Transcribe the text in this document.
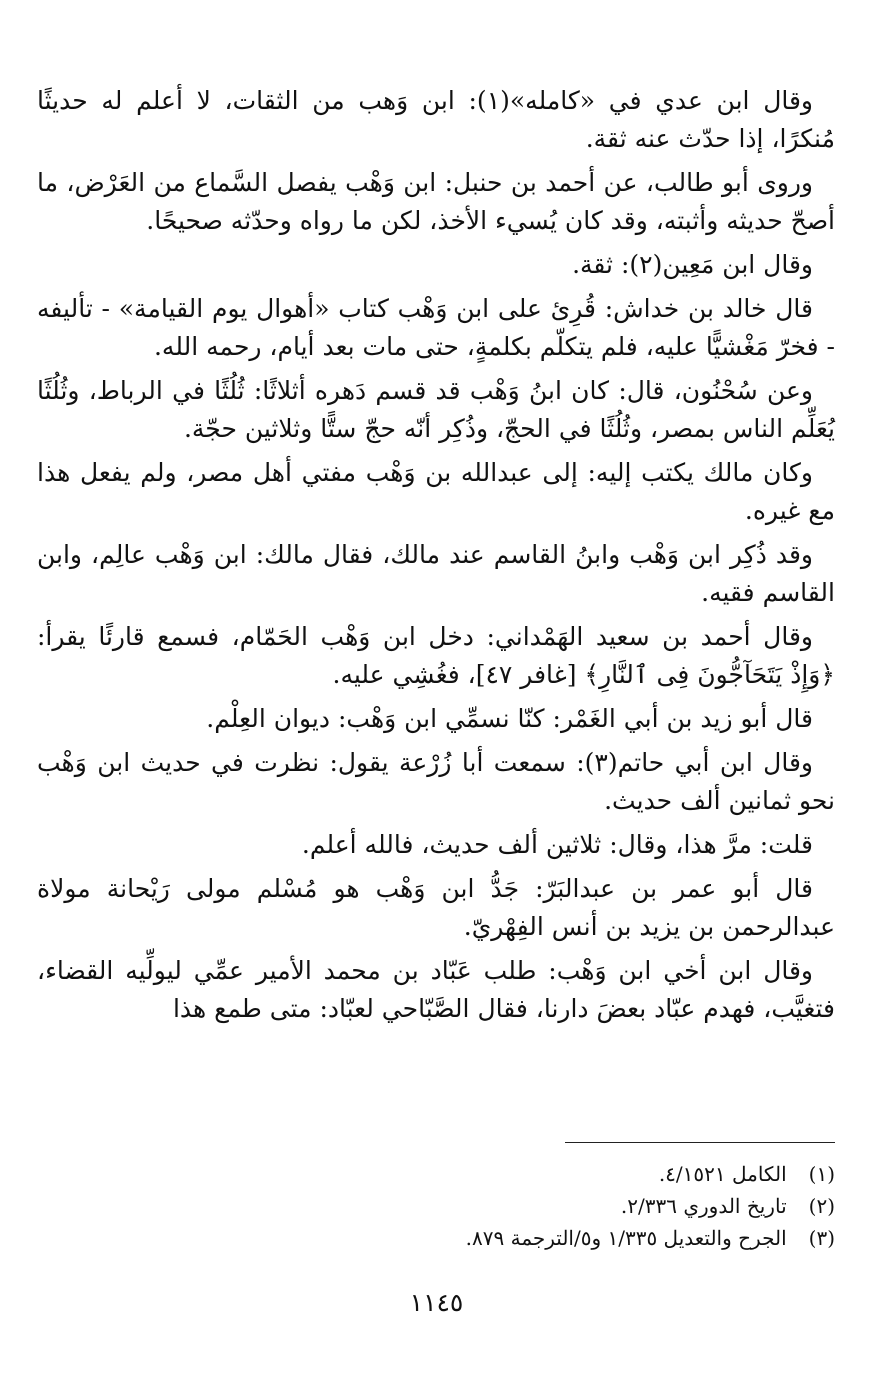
وقال ابن عدي في «كامله»(١): ابن وَهب من الثقات، لا أعلم له حديثًا مُنكرًا، إذا حدّث عنه ثقة.

وروى أبو طالب، عن أحمد بن حنبل: ابن وَهْب يفصل السَّماع من العَرْض، ما أصحّ حديثه وأثبته، وقد كان يُسيء الأخذ، لكن ما رواه وحدّثه صحيحًا.

وقال ابن مَعِين(٢): ثقة.

قال خالد بن خداش: قُرِئ على ابن وَهْب كتاب «أهوال يوم القيامة» - تأليفه - فخرّ مَغْشيًّا عليه، فلم يتكلّم بكلمةٍ، حتى مات بعد أيام، رحمه الله.

وعن سُحْنُون، قال: كان ابنُ وَهْب قد قسم دَهره أثلاثًا: ثُلُثًا في الرباط، وثُلُثًا يُعَلِّم الناس بمصر، وثُلُثًا في الحجّ، وذُكِر أنّه حجّ ستًّا وثلاثين حجّة.

وكان مالك يكتب إليه: إلى عبدالله بن وَهْب مفتي أهل مصر، ولم يفعل هذا مع غيره.

وقد ذُكِر ابن وَهْب وابنُ القاسم عند مالك، فقال مالك: ابن وَهْب عالِم، وابن القاسم فقيه.

وقال أحمد بن سعيد الهَمْداني: دخل ابن وَهْب الحَمّام، فسمع قارئًا يقرأ: ﴿وَإِذْ يَتَحَآجُّونَ فِى ٱلنَّارِ﴾ [غافر ٤٧]، فغُشِي عليه.

قال أبو زيد بن أبي الغَمْر: كنّا نسمِّي ابن وَهْب: ديوان العِلْم.

وقال ابن أبي حاتم(٣): سمعت أبا زُرْعة يقول: نظرت في حديث ابن وَهْب نحو ثمانين ألف حديث.

قلت: مرَّ هذا، وقال: ثلاثين ألف حديث، فالله أعلم.

قال أبو عمر بن عبدالبَرّ: جَدُّ ابن وَهْب هو مُسْلم مولى رَيْحانة مولاة عبدالرحمن بن يزيد بن أنس الفِهْريّ.

وقال ابن أخي ابن وَهْب: طلب عَبّاد بن محمد الأمير عمِّي ليولِّيه القضاء، فتغيَّب، فهدم عبّاد بعضَ دارنا، فقال الصَّبّاحي لعبّاد: متى طمع هذا

(١) الكامل ٤/١٥٢١.

(٢) تاريخ الدوري ٢/٣٣٦.

(٣) الجرح والتعديل ١/٣٣٥ و٥/الترجمة ٨٧٩.

١١٤٥
